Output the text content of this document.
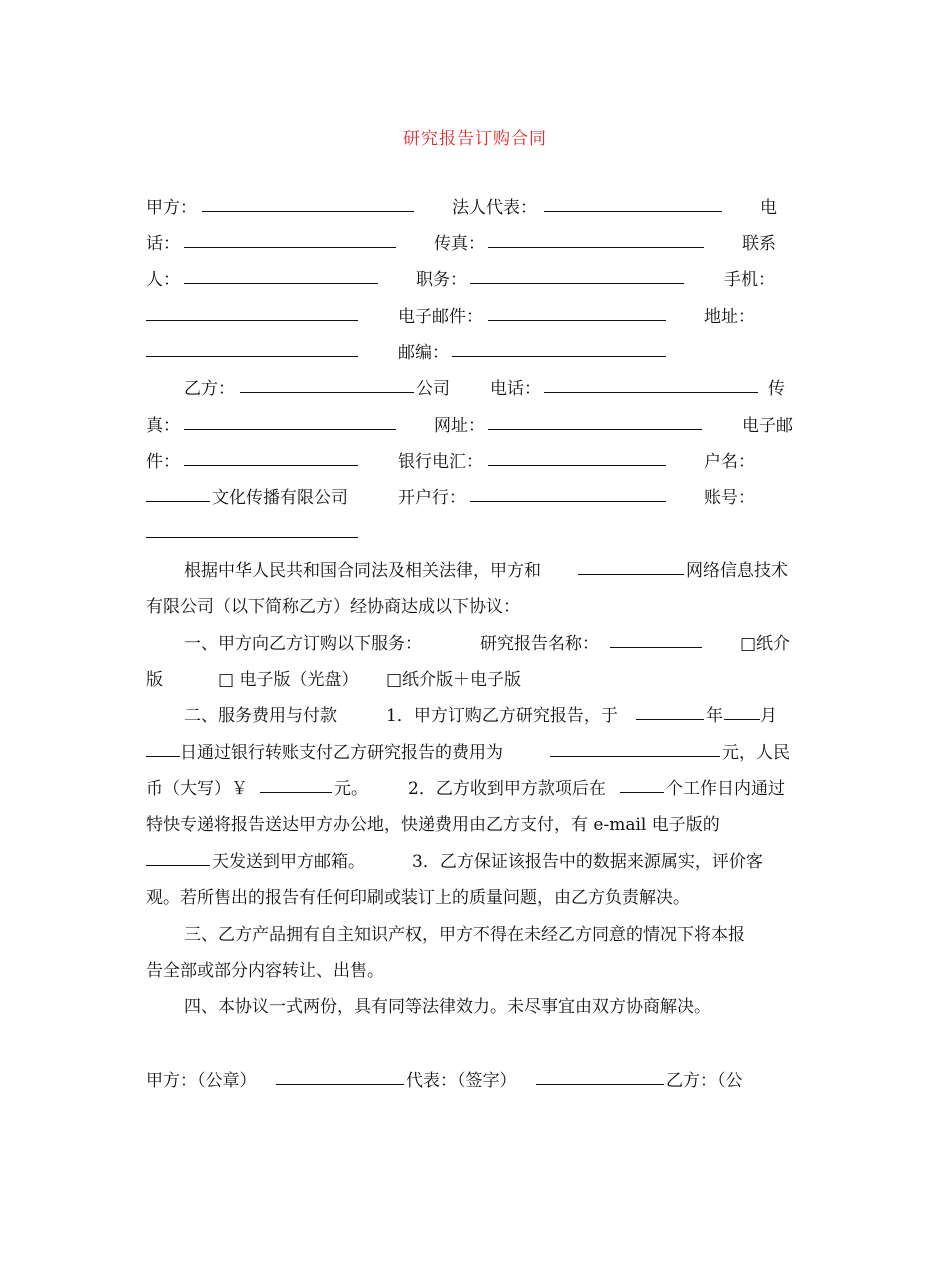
研究报告订购合同

甲方：

	法人代表：

	电

话：

	传真：

	联系

人：

	职务：

	手机：

电子邮件：

	地址：

邮编：

乙方：

	公司

电话：

	传

真：

	网址：

	电子邮

件：

	银行电汇：

	户名：

文化传播有限公司

	开户行：

	账号：

根据中华人民共和国合同法及相关法律，甲方和

	网络信息技术

有限公司（以下简称乙方）经协商达成以下协议：

一、甲方向乙方订购以下服务：

	研究报告名称：

	□纸介

版

	□ 电子版（光盘）

□纸介版＋电子版

二、服务费用与付款

	1．甲方订购乙方研究报告，于

	年

月

日通过银行转账支付乙方研究报告的费用为

	元，人民

币（大写）￥

	元。

2．乙方收到甲方款项后在

	个工作日内通过

特快专递将报告送达甲方办公地，快递费用由乙方支付，有 e-mail 电子版的

天发送到甲方邮箱。

	3．乙方保证该报告中的数据来源属实，评价客

观。若所售出的报告有任何印刷或装订上的质量问题，由乙方负责解决。

三、乙方产品拥有自主知识产权，甲方不得在未经乙方同意的情况下将本报

告全部或部分内容转让、出售。

四、本协议一式两份，具有同等法律效力。未尽事宜由双方协商解决。

甲方：（公章）

	代表：（签字）

	乙方：（公
